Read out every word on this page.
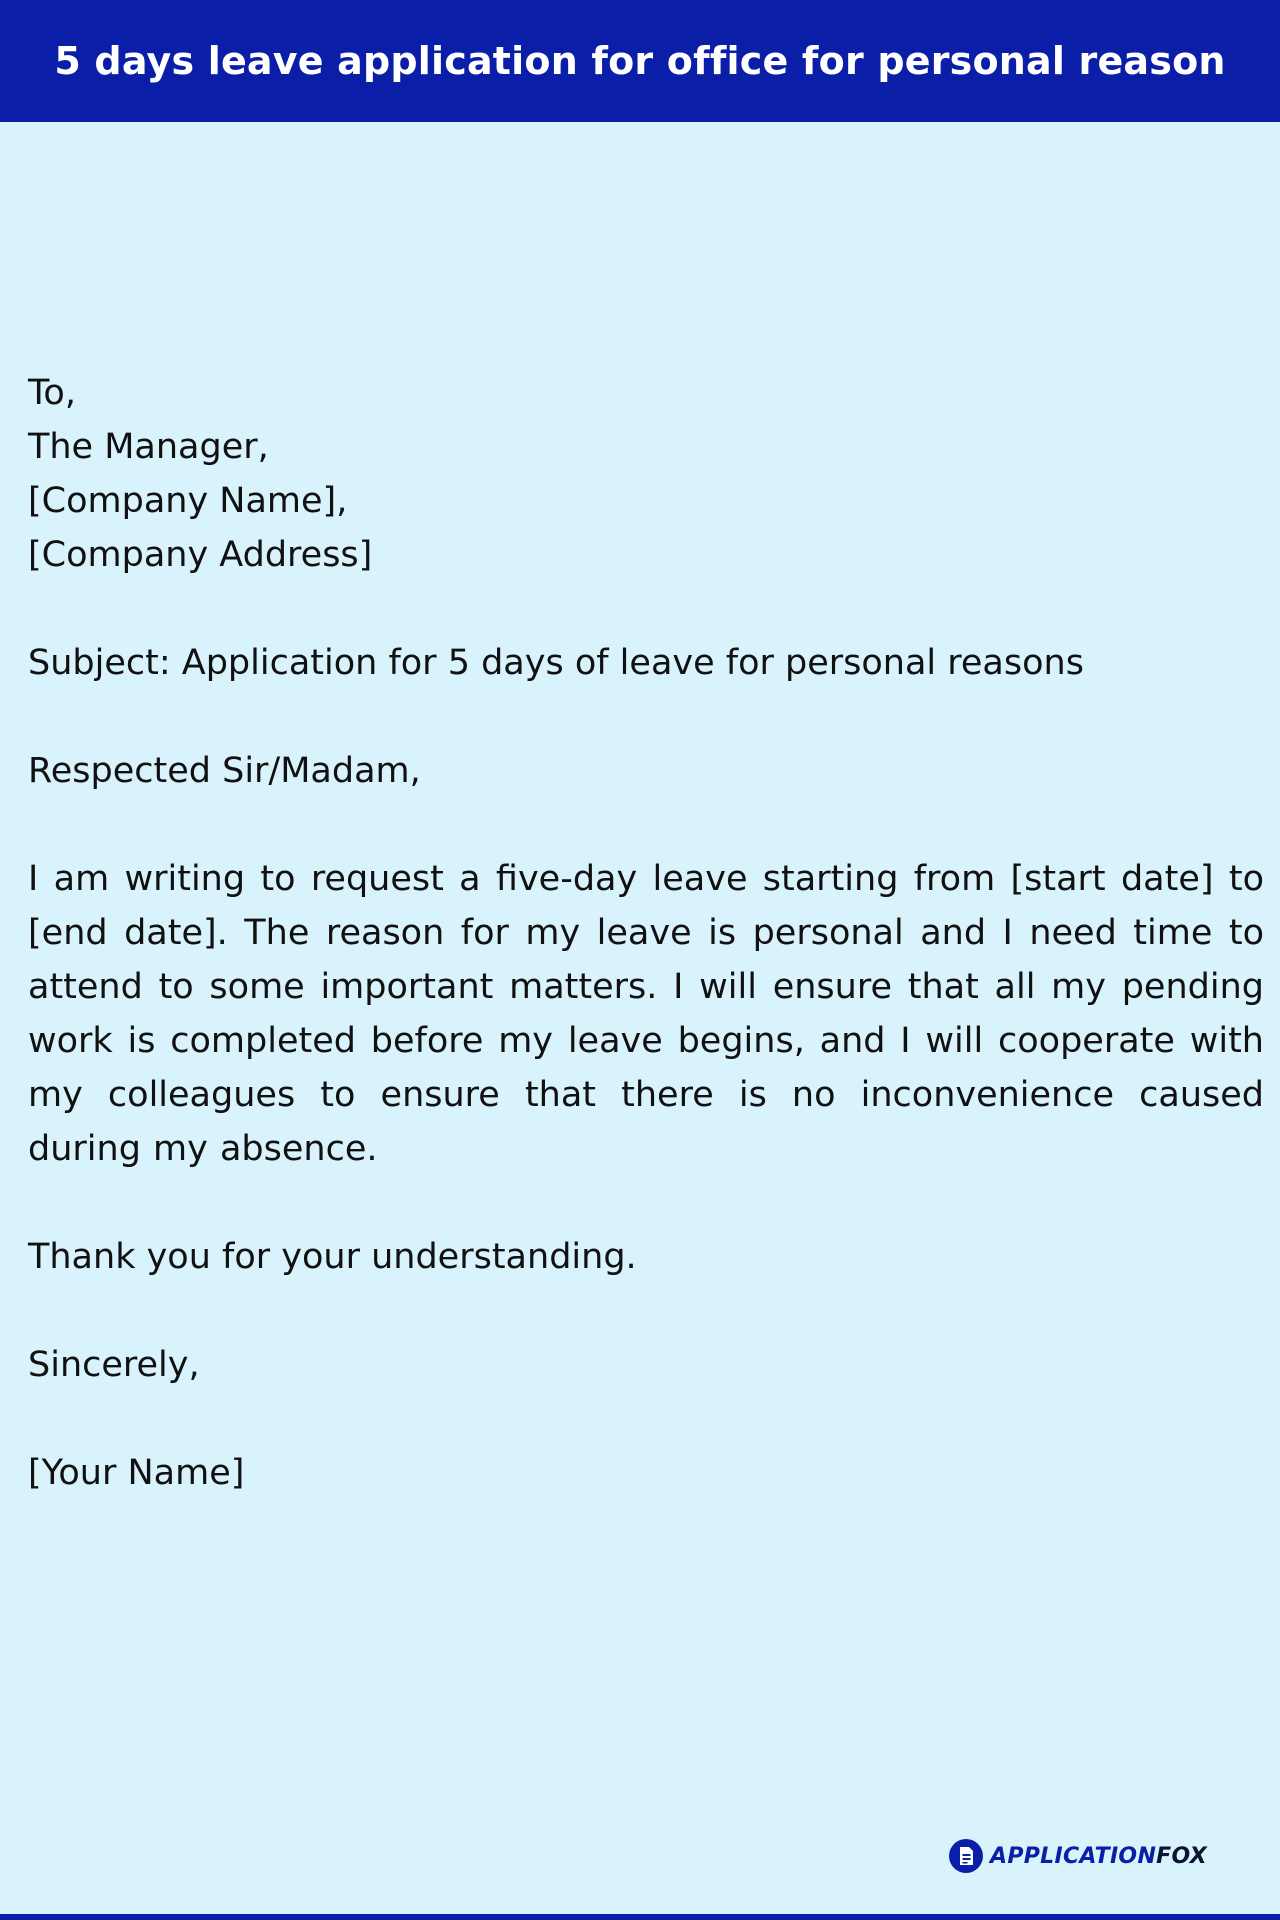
5 days leave application for office for personal reason
To,
The Manager,
[Company Name],
[Company Address]
Subject: Application for 5 days of leave for personal reasons
Respected Sir/Madam,

I am writing to request a five-day leave starting from [start date] to [end date]. The reason for my leave is personal and I need time to attend to some important matters. I will ensure that all my pending work is completed before my leave begins, and I will cooperate with my colleagues to ensure that there is no inconvenience caused during my absence.

Thank you for your understanding.
Sincerely,
[Your Name]
APPLICATIONFOX
